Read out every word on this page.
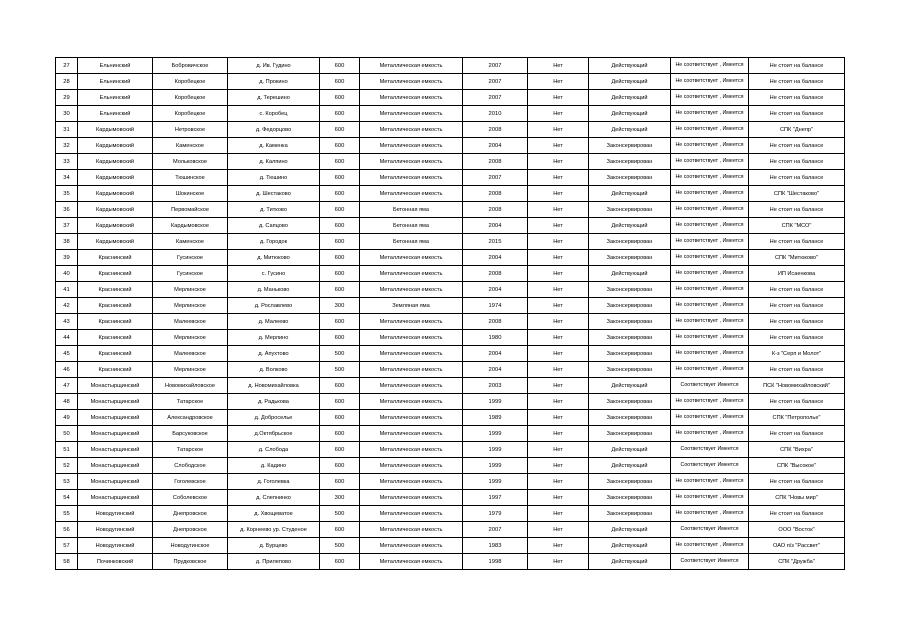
27	Ельнинский	Бобровичское	д. Ив. Гудино	600	Металлическая емкость	2007	Нет	Действующий	Не соответствует , Имеется	Не стоит на балансе
28	Ельнинский	Коробецкое	д. Прокино	600	Металлическая емкость	2007	Нет	Действующий	Не соответствует , Имеется	Не стоит на балансе
29	Ельнинский	Коробецкое	д. Терешино	600	Металлическая емкость	2007	Нет	Действующий	Не соответствует , Имеется	Не стоит на балансе
30	Ельнинский	Коробецкое	с. Коробец	600	Металлическая емкость	2010	Нет	Действующий	Не соответствует , Имеется	Не стоит на балансе
31	Кардымовский	Нетровское	д. Федорцово	600	Металлическая емкость	2008	Нет	Действующий	Не соответствует , Имеется	СПК "Днепр"
32	Кардымовский	Каменское	д. Каменка	600	Металлическая емкость	2004	Нет	Законсервирован	Не соответствует , Имеется	Не стоит на балансе
33	Кардымовский	Мольковское	д. Калпино	600	Металлическая емкость	2008	Нет	Законсервирован	Не соответствует , Имеется	Не стоит на балансе
34	Кардымовский	Тюшинское	д. Тюшино	600	Металлическая емкость	2007	Нет	Законсервирован	Не соответствует , Имеется	Не стоит на балансе
35	Кардымовский	Шокинское	д. Шестаково	600	Металлическая емкость	2008	Нет	Действующий	Не соответствует , Имеется	СПК "Шестаково"
36	Кардымовский	Первомайское	д. Титково	600	Бетонная яма	2008	Нет	Законсервирован	Не соответствует , Имеется	Не стоит на балансе
37	Кардымовский	Кардымовское	д. Сапцово	600	Бетонная яма	2004	Нет	Действующий	Не соответствует , Имеется	СПК "МСО"
38	Кардымовский	Каменское	д. Городок	600	Бетонная яма	2015	Нет	Законсервирован	Не соответствует , Имеется	Не стоит на балансе
39	Краснинский	Гусинское	д. Митюково	600	Металлическая емкость	2004	Нет	Законсервирован	Не соответствует , Имеется	СПК "Митюково"
40	Краснинский	Гусинское	с. Гусино	600	Металлическая емкость	2008	Нет	Действующий	Не соответствует , Имеется	ИП Исаенкова
41	Краснинский	Мерлинское	д. Маньково	600	Металлическая емкость	2004	Нет	Законсервирован	Не соответствует , Имеется	Не стоит на балансе
42	Краснинский	Мерлинское	д. Рославлево	300	Земляная яма	1974	Нет	Законсервирован	Не соответствует , Имеется	Не стоит на балансе
43	Краснинский	Малеевское	д. Малеево	600	Металлическая емкость	2008	Нет	Законсервирован	Не соответствует , Имеется	Не стоит на балансе
44	Краснинский	Мерлинское	д. Мерлино	600	Металлическая емкость	1980	Нет	Законсервирован	Не соответствует , Имеется	Не стоит на балансе
45	Краснинский	Малеевское	д. Апухтово	500	Металлическая емкость	2004	Нет	Законсервирован	Не соответствует , Имеется	К-з "Серп и Молот"
46	Краснинский	Мерлинское	д. Волково	500	Металлическая емкость	2004	Нет	Законсервирован	Не соответствует , Имеется	Не стоит на балансе
47	Монастырщинский	Новомихайловское	д. Новомихайловка	600	Металлическая емкость	2003	Нет	Действующий	Соответствует Имеется	ПСК "Новомихайловский"
48	Монастырщинский	Татарское	д. Радькова	600	Металлическая емкость	1999	Нет	Законсервирован	Не соответствует , Имеется	Не стоит на балансе
49	Монастырщинский	Александровское	д. Доброселье	600	Металлическая емкость	1989	Нет	Законсервирован	Не соответствует , Имеется	СПК "Петрополье"
50	Монастырщинский	Барсуковское	д.Октябрьское	600	Металлическая емкость	1999	Нет	Законсервирован	Не соответствует , Имеется	Не стоит на балансе
51	Монастырщинский	Татарское	д. Слобода	600	Металлическая емкость	1999	Нет	Действующий	Соответствует Имеется	СПК "Вихра"
52	Монастырщинский	Слободское	д. Кадино	600	Металлическая емкость	1999	Нет	Действующий	Соответствует Имеется	СПК "Высокое"
53	Монастырщинский	Гоголевское	д. Гоголевка	600	Металлическая емкость	1999	Нет	Законсервирован	Не соответствует , Имеется	Не стоит на балансе
54	Монастырщинский	Соболевское	д. Слепнинко	300	Металлическая емкость	1997	Нет	Законсервирован	Не соответствует , Имеется	СПК "Новы мир"
55	Новодугинский	Днепровское	д. Хвощеватое	500	Металлическая емкость	1979	Нет	Законсервирован	Не соответствует , Имеется	Не стоит на балансе
56	Новодугинский	Днепровское	д. Корнеево ур. Студеное	600	Металлическая емкость	2007	Нет	Действующий	Соответствует Имеется	ООО "Восток"
57	Новодугинский	Новодугинское	д. Бурцево	500	Металлическая емкость	1983	Нет	Действующий	Не соответствует , Имеется	ОАО п/з "Рассвет"
58	Починковский	Прудковское	д. Прилепово	600	Металлическая емкость	1998	Нет	Действующий	Соответствует Имеется	СПК "Дружба"
